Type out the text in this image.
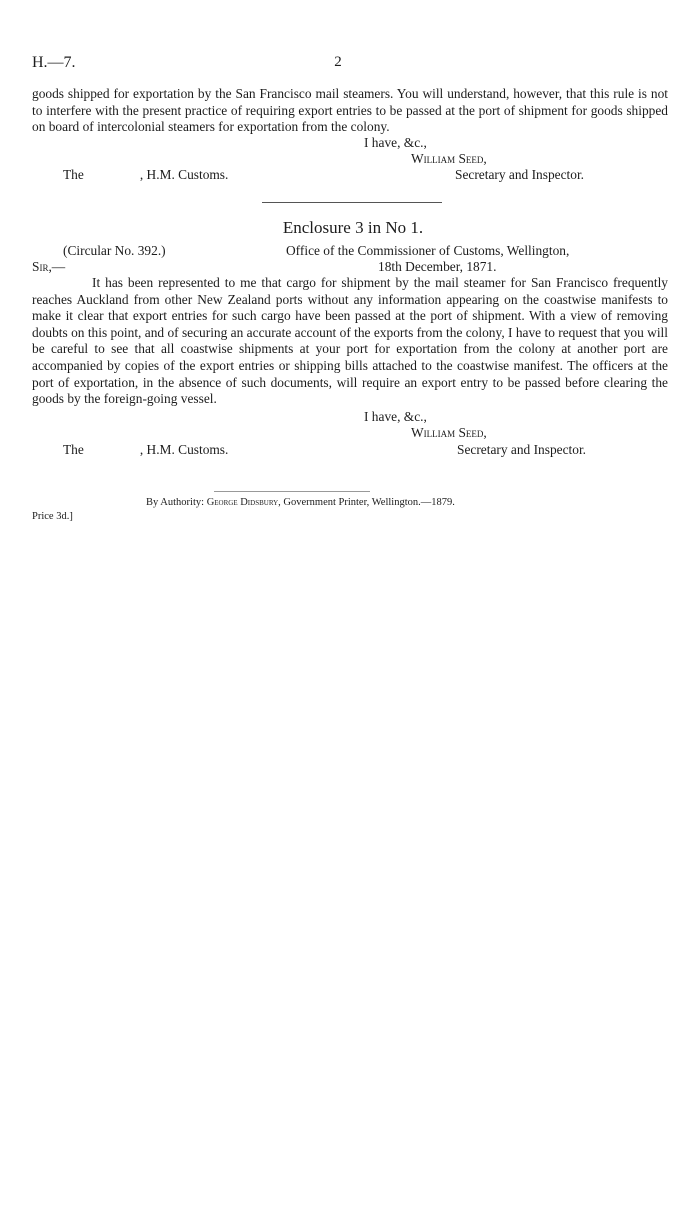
H.—7.	2

goods shipped for exportation by the San Francisco mail steamers. You will understand, however, that this rule is not to interfere with the present practice of requiring export entries to be passed at the port of shipment for goods shipped on board of intercolonial steamers for exportation from the colony.

I have, &c.,
William Seed,
The	, H.M. Customs.	Secretary and Inspector.
Enclosure 3 in No 1.
(Circular No. 392.)	Office of the Commissioner of Customs, Wellington,
Sir,—	18th December, 1871.

It has been represented to me that cargo for shipment by the mail steamer for San Francisco frequently reaches Auckland from other New Zealand ports without any information appearing on the coastwise manifests to make it clear that export entries for such cargo have been passed at the port of shipment. With a view of removing doubts on this point, and of securing an accurate account of the exports from the colony, I have to request that you will be careful to see that all coastwise shipments at your port for exportation from the colony at another port are accompanied by copies of the export entries or shipping bills attached to the coastwise manifest. The officers at the port of exportation, in the absence of such documents, will require an export entry to be passed before clearing the goods by the foreign-going vessel.

I have, &c.,
William Seed,
The	, H.M. Customs.	Secretary and Inspector.
By Authority: George Didsbury, Government Printer, Wellington.—1879.
Price 3d.]
